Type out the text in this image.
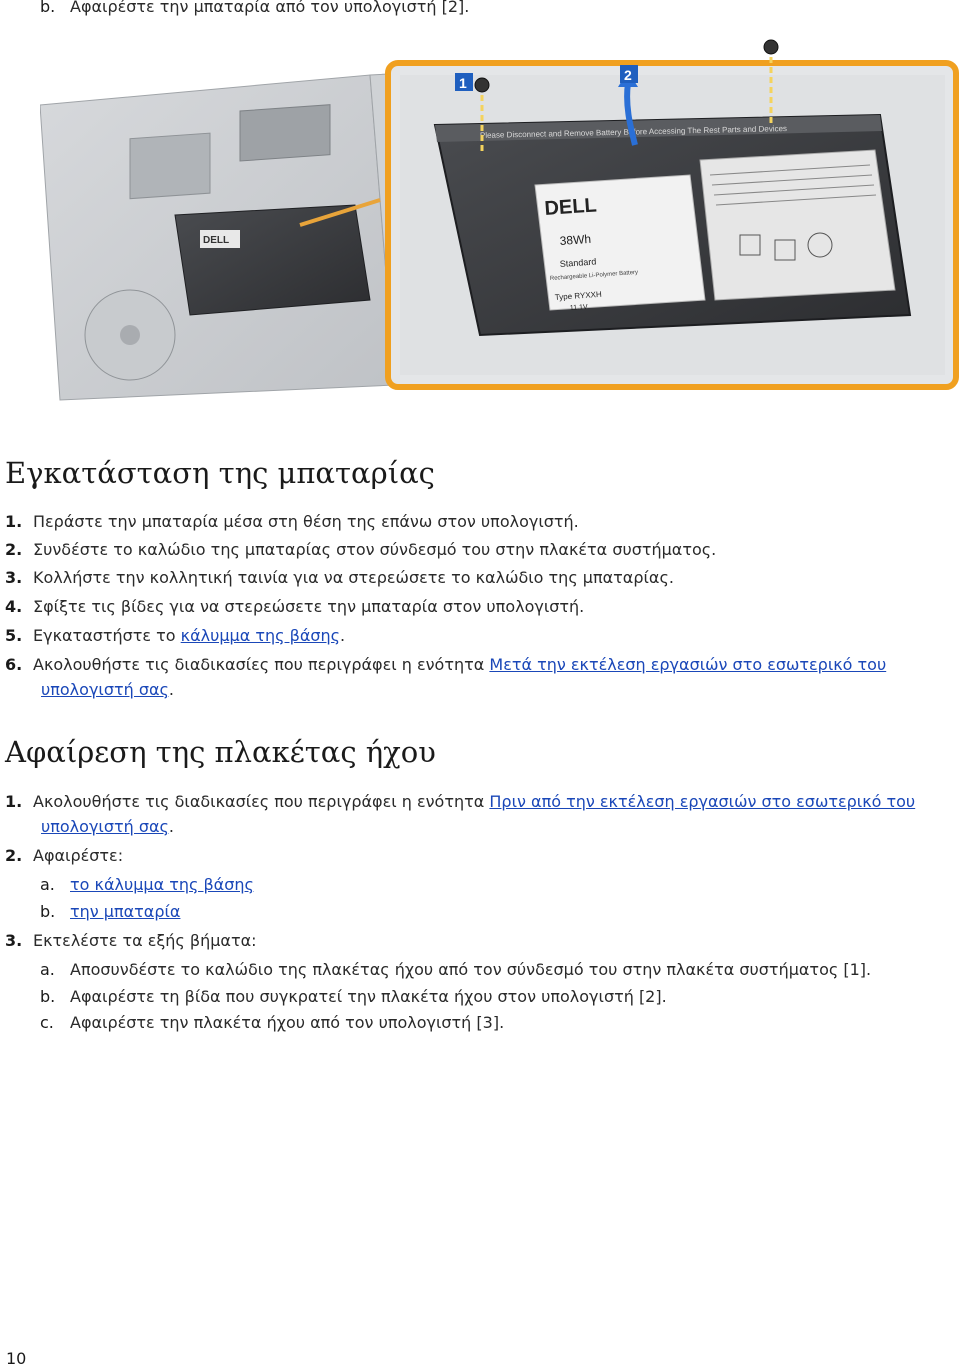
b. Αφαιρέστε την μπαταρία από τον υπολογιστή [2].
DELL
Please Disconnect and Remove Battery Before Accessing The Rest Parts and Devices
DELL
38Wh
Standard
Rechargeable Li-Polymer Battery
Type RYXXH
11.1V
1	2
Εγκατάσταση της μπαταρίας
1. Περάστε την μπαταρία μέσα στη θέση της επάνω στον υπολογιστή.
2. Συνδέστε το καλώδιο της μπαταρίας στον σύνδεσμό του στην πλακέτα συστήματος.
3. Κολλήστε την κολλητική ταινία για να στερεώσετε το καλώδιο της μπαταρίας.
4. Σφίξτε τις βίδες για να στερεώσετε την μπαταρία στον υπολογιστή.
5. Εγκαταστήστε το κάλυμμα της βάσης.
6. Ακολουθήστε τις διαδικασίες που περιγράφει η ενότητα Μετά την εκτέλεση εργασιών στο εσωτερικό του
υπολογιστή σας.
Αφαίρεση της πλακέτας ήχου
1. Ακολουθήστε τις διαδικασίες που περιγράφει η ενότητα Πριν από την εκτέλεση εργασιών στο εσωτερικό του
υπολογιστή σας.
2. Αφαιρέστε:
a. το κάλυμμα της βάσης
b. την μπαταρία
3. Εκτελέστε τα εξής βήματα:
a. Αποσυνδέστε το καλώδιο της πλακέτας ήχου από τον σύνδεσμό του στην πλακέτα συστήματος [1].
b. Αφαιρέστε τη βίδα που συγκρατεί την πλακέτα ήχου στον υπολογιστή [2].
c. Αφαιρέστε την πλακέτα ήχου από τον υπολογιστή [3].
10
